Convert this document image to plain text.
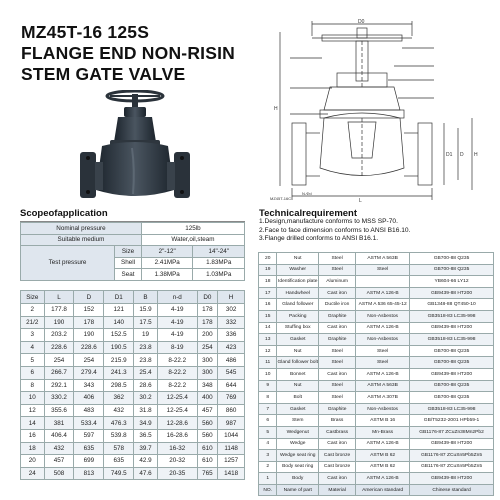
MZ45T-16 125S
FLANGE END NON-RISIN
STEM GATE VALVE
D0
H
L
D1 D H
N-Φd
MZ45T-16C
Scopeofapplication
Nominal pressure		125lb	
Suitable medium		Water,oil,steam	
Test pressure	Size	2"-12"	14"-24"
	Shell	2.41MPa	1.83MPa
	Seat	1.38MPa	1.03MPa
Size	L	D	D1	B	n-d	D0	H
2	177.8	152	121	15.9	4-19	178	302
21/2	190	178	140	17.5	4-19	178	332
3	203.2	190	152.5	19	4-19	200	336
4	228.6	228.6	190.5	23.8	8-19	254	423
5	254	254	215.9	23.8	8-22.2	300	486
6	266.7	279.4	241.3	25.4	8-22.2	300	545
8	292.1	343	298.5	28.6	8-22.2	348	644
10	330.2	406	362	30.2	12-25.4	400	769
12	355.6	483	432	31.8	12-25.4	457	860
14	381	533.4	476.3	34.9	12-28.6	560	987
16	406.4	597	539.8	36.5	16-28.6	560	1044
18	432	635	578	39.7	16-32	610	1148
20	457	699	635	42.9	20-32	610	1257
24	508	813	749.5	47.6	20-35	765	1418
Technicalrequirement
1.Design,manufacture conforms to MSS SP-70.
2.Face to face dimension conforms to ANSI B16.10.
3.Flange drilled conforms to ANSI B16.1.
20	Nut	Steel	ASTM A 563B	GB700-88 Q235
19	Washer	Steel	Steel	GB700-88 Q235
18	Identification plate	Aluminum		YB604-66 LY12
17	Handwheel	Cast iron	ASTM A 126-B	GB9439-88 HT200
16	Gland follower	Ductile iron	ASTM A 536 65-45-12	GB1348-88 QT450-10
15	Packing	Graphite	Non-Asbestos	GB3518-83 LC35-998
14	Stuffing box	Cast iron	ASTM A 126-B	GB9439-88 HT200
13	Gasket	Graphite	Non-Asbestos	GB3518-83 LC35-998
12	Nut	Steel	Steel	GB700-88 Q235
11	Gland follower bolt	Steel	Steel	GB700-88 Q235
10	Bonnet	Cast iron	ASTM A 126-B	GB9439-88 HT200
9	Nut	Steel	ASTM A 563B	GB700-88 Q235
8	Bolt	Steel	ASTM A 307B	GB700-88 Q235
7	Gasket	Graphite	Non-Asbestos	GB3518-83 LC35-998
6	Stem	Brass	ASTM B 16	GB/T5232-2001 HPb59-1
5	Wedgenut	Castbrass	Mn-Brass	GB1176-87 ZCuZn38Mn2Pb2
4	Wedge	Cast iron	ASTM A 126-B	GB9439-88 HT200
3	Wedge seat ring	Cast bronze	ASTM B 62	GB1176-87 ZCuSn5Pb5Zn5
2	Body seat ring	Cast bronze	ASTM B 62	GB1176-87 ZCuSn5Pb5Zn5
1	Body	Cast iron	ASTM A 126-B	GB9439-88 HT200
NO.	Name of part	Material	American standard	Chinese standard
